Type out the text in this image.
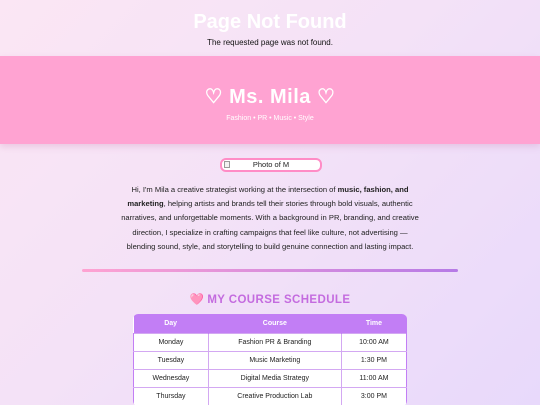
Page Not Found

The requested page was not found.

♡ Ms. Mila ♡
Fashion • PR • Music • Style
Photo of M
Hi, I'm Mila a creative strategist working at the intersection of music, fashion, and marketing, helping artists and brands tell their stories through bold visuals, authentic narratives, and unforgettable moments. With a background in PR, branding, and creative direction, I specialize in crafting campaigns that feel like culture, not advertising — blending sound, style, and storytelling to build genuine connection and lasting impact.
🩷 MY COURSE SCHEDULE
Day	Course	Time
Monday	Fashion PR & Branding	10:00 AM
Tuesday	Music Marketing	1:30 PM
Wednesday	Digital Media Strategy	11:00 AM
Thursday	Creative Production Lab	3:00 PM
